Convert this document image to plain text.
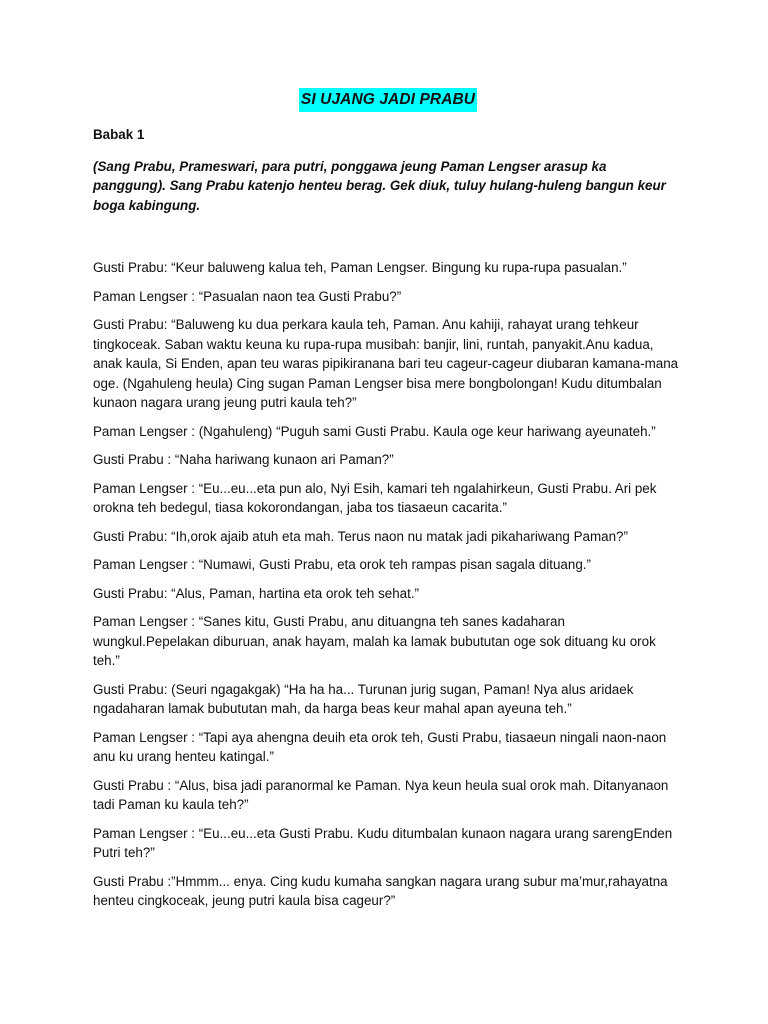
SI UJANG JADI PRABU
Babak 1
(Sang Prabu, Prameswari, para putri, ponggawa jeung Paman Lengser arasup ka panggung). Sang Prabu katenjo henteu berag. Gek diuk, tuluy hulang-huleng bangun keur boga kabingung.
Gusti Prabu: “Keur baluweng kalua teh, Paman Lengser. Bingung ku rupa-rupa pasualan.”
Paman Lengser : “Pasualan naon tea Gusti Prabu?”
Gusti Prabu: “Baluweng ku dua perkara kaula teh, Paman. Anu kahiji, rahayat urang tehkeur tingkoceak. Saban waktu keuna ku rupa-rupa musibah: banjir, lini, runtah, panyakit.Anu kadua, anak kaula, Si Enden, apan teu waras pipikiranana bari teu cageur-cageur diubaran kamana-mana oge. (Ngahuleng heula) Cing sugan Paman Lengser bisa mere bongbolongan! Kudu ditumbalan kunaon nagara urang jeung putri kaula teh?”
Paman Lengser : (Ngahuleng) “Puguh sami Gusti Prabu. Kaula oge keur hariwang ayeunateh.”
Gusti Prabu : “Naha hariwang kunaon ari Paman?”
Paman Lengser : “Eu...eu...eta pun alo, Nyi Esih, kamari teh ngalahirkeun, Gusti Prabu. Ari pek orokna teh bedegul, tiasa kokorondangan, jaba tos tiasaeun cacarita.”
Gusti Prabu: “Ih,orok ajaib atuh eta mah. Terus naon nu matak jadi pikahariwang Paman?”
Paman Lengser : “Numawi, Gusti Prabu, eta orok teh rampas pisan sagala dituang.”
Gusti Prabu: “Alus, Paman, hartina eta orok teh sehat.”
Paman Lengser : “Sanes kitu, Gusti Prabu, anu dituangna teh sanes kadaharan wungkul.Pepelakan diburuan, anak hayam, malah ka lamak bubututan oge sok dituang ku orok teh.”
Gusti Prabu: (Seuri ngagakgak) “Ha ha ha... Turunan jurig sugan, Paman! Nya alus aridaek ngadaharan lamak bubututan mah, da harga beas keur mahal apan ayeuna teh.”
Paman Lengser : “Tapi aya ahengna deuih eta orok teh, Gusti Prabu, tiasaeun ningali naon-naon anu ku urang henteu katingal.”
Gusti Prabu : “Alus, bisa jadi paranormal ke Paman. Nya keun heula sual orok mah. Ditanyanaon tadi Paman ku kaula teh?”
Paman Lengser : “Eu...eu...eta Gusti Prabu. Kudu ditumbalan kunaon nagara urang sarengEnden Putri teh?”
Gusti Prabu :”Hmmm... enya. Cing kudu kumaha sangkan nagara urang subur ma’mur,rahayatna henteu cingkoceak, jeung putri kaula bisa cageur?”
